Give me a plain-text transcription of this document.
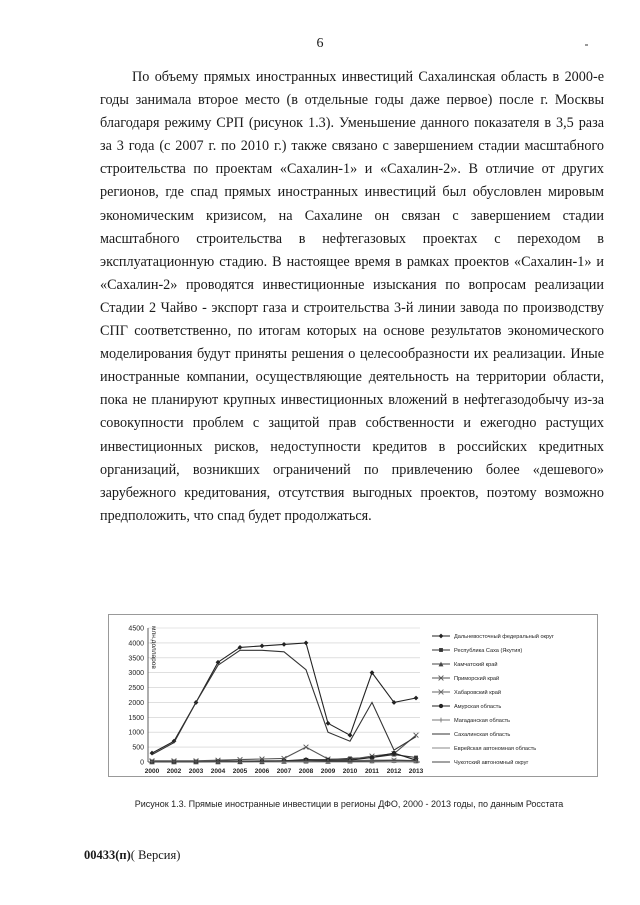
6

По объему прямых иностранных инвестиций Сахалинская область в 2000-е годы занимала второе место (в отдельные годы даже первое) после г. Москвы благодаря режиму СРП (рисунок 1.3). Уменьшение данного показателя в 3,5 раза за 3 года (с 2007 г. по 2010 г.) также связано с завершением стадии масштабного строительства по проектам «Сахалин-1» и «Сахалин-2». В отличие от других регионов, где спад прямых иностранных инвестиций был обусловлен мировым экономическим кризисом, на Сахалине он связан с завершением стадии масштабного строительства в нефтегазовых проектах с переходом в эксплуатационную стадию. В настоящее время в рамках проектов «Сахалин-1» и «Сахалин-2» проводятся инвестиционные изыскания по вопросам реализации Стадии 2 Чайво - экспорт газа и строительства 3-й линии завода по производству СПГ соответственно, по итогам которых на основе результатов экономического моделирования будут приняты решения о целесообразности их реализации. Иные иностранные компании, осуществляющие деятельность на территории области, пока не планируют крупных инвестиционных вложений в нефтегазодобычу из-за совокупности проблем с защитой прав собственности и ежегодно растущих инвестиционных рисков, недоступности кредитов в российских кредитных организаций, возникших ограничений по привлечению более «дешевого» зарубежного кредитования, отсутствия выгодных проектов, поэтому возможно предположить, что спад будет продолжаться.

4500
4000
3500
3000
2500
2000
1500
1000
500
0
2000 2002 2003 2004 2005 2006 2007 2008 2009 2010 2011 2012 2013
Дальневосточный федеральный округ
Республика Саха (Якутия)
Камчатский край
Приморский край
Хабаровский край
Амурская область
Магаданская область
Сахалинская область
Еврейская автономная область
Чукотский автономный округ
млн.долларов
Рисунок 1.3. Прямые иностранные инвестиции в регионы ДФО, 2000 - 2013 годы, по данным Росстата
00433(п)( Версия)
